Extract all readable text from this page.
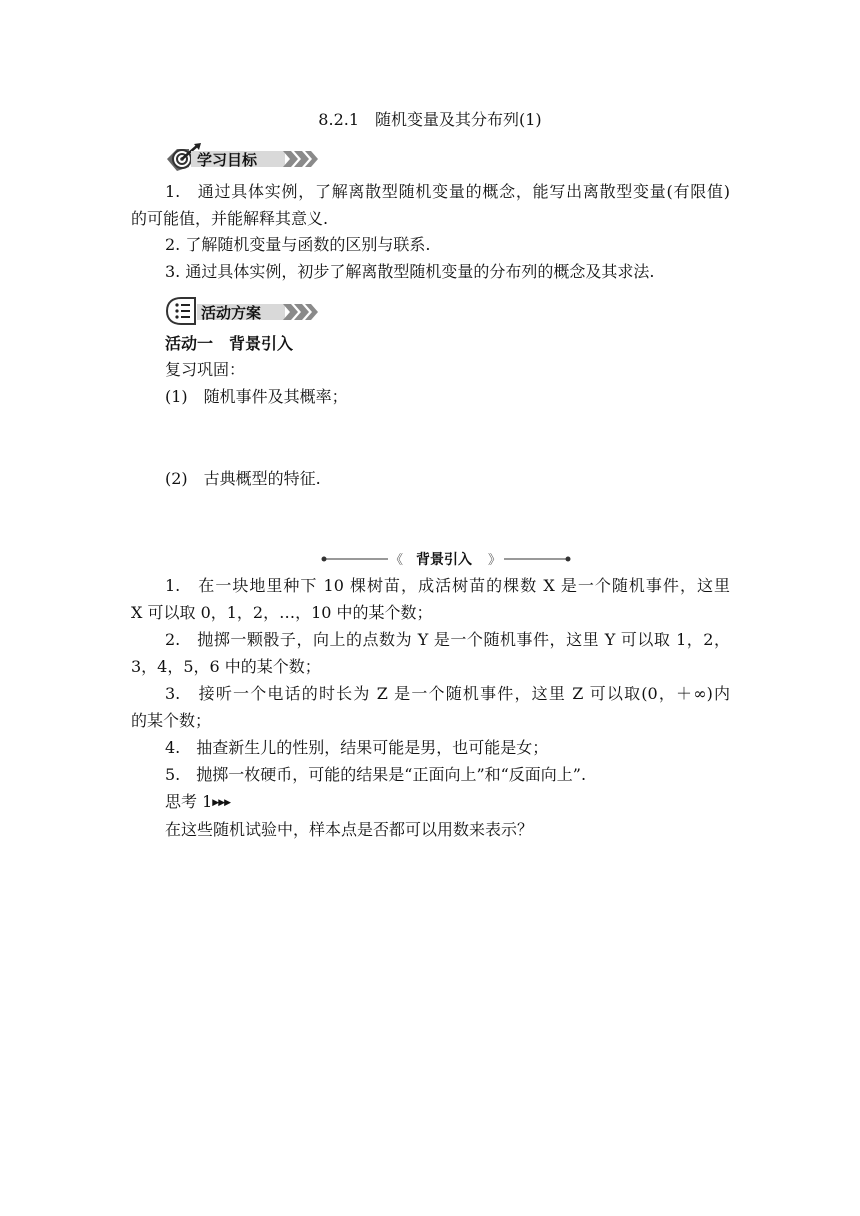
8.2.1　随机变量及其分布列(1)
学习目标
1.　通过具体实例，了解离散型随机变量的概念，能写出离散型变量(有限值)
的可能值，并能解释其意义.
2. 了解随机变量与函数的区别与联系.
3. 通过具体实例，初步了解离散型随机变量的分布列的概念及其求法.
活动方案
活动一　背景引入
复习巩固：
(1)　随机事件及其概率；
(2)　古典概型的特征.
《 背景引入 》
1.　在一块地里种下 10 棵树苗，成活树苗的棵数 X 是一个随机事件，这里
X 可以取 0，1，2，…，10 中的某个数；
2.　抛掷一颗骰子，向上的点数为 Y 是一个随机事件，这里 Y 可以取 1，2，
3，4，5，6 中的某个数；
3.　接听一个电话的时长为 Z 是一个随机事件，这里 Z 可以取(0，＋∞)内
的某个数；
4.　抽查新生儿的性别，结果可能是男，也可能是女；
5.　抛掷一枚硬币，可能的结果是“正面向上”和“反面向上”.
思考 1▶▶▶
在这些随机试验中，样本点是否都可以用数来表示？
